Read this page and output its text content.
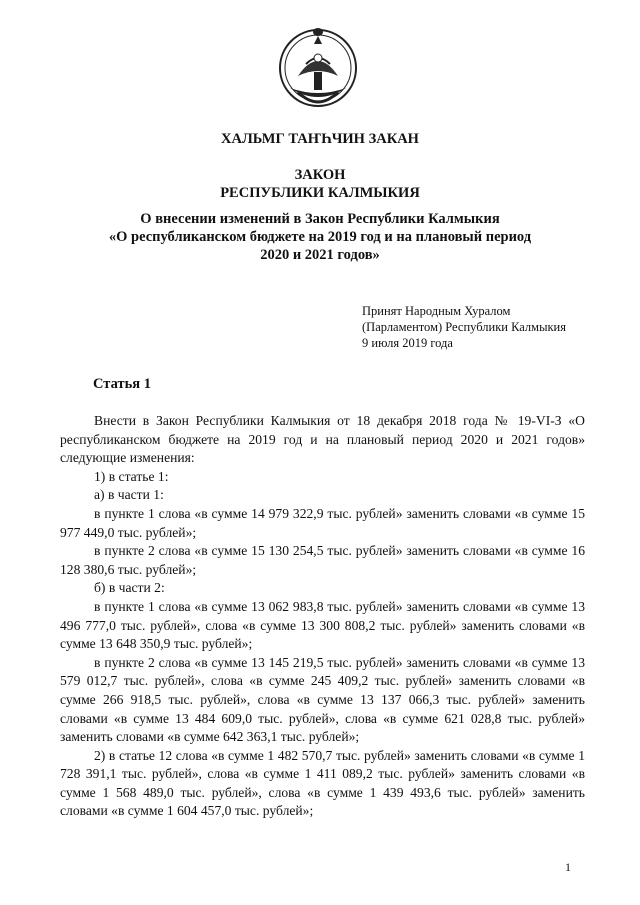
ХАЛЬМГ ТАҤҺЧИН ЗАКАН
ЗАКОН
РЕСПУБЛИКИ КАЛМЫКИЯ
О внесении изменений в Закон Республики Калмыкия
«О республиканском бюджете на 2019 год и на плановый период
2020 и 2021 годов»
Принят Народным Хуралом
(Парламентом) Республики Калмыкия
9 июля 2019 года
Статья 1

Внести в Закон Республики Калмыкия от 18 декабря 2018 года № 19-VI-З «О республиканском бюджете на 2019 год и на плановый период 2020 и 2021 годов» следующие изменения:

1) в статье 1:

а) в части 1:

в пункте 1 слова «в сумме 14 979 322,9 тыс. рублей» заменить словами «в сумме 15 977 449,0 тыс. рублей»;

в пункте 2 слова «в сумме 15 130 254,5 тыс. рублей» заменить словами «в сумме 16 128 380,6 тыс. рублей»;

б) в части 2:

в пункте 1 слова «в сумме 13 062 983,8 тыс. рублей» заменить словами «в сумме 13 496 777,0 тыс. рублей», слова «в сумме 13 300 808,2 тыс. рублей» заменить словами «в сумме 13 648 350,9 тыс. рублей»;

в пункте 2 слова «в сумме 13 145 219,5 тыс. рублей» заменить словами «в сумме 13 579 012,7 тыс. рублей», слова «в сумме 245 409,2 тыс. рублей» заменить словами «в сумме 266 918,5 тыс. рублей», слова «в сумме 13 137 066,3 тыс. рублей» заменить словами «в сумме 13 484 609,0 тыс. рублей», слова «в сумме 621 028,8 тыс. рублей» заменить словами «в сумме 642 363,1 тыс. рублей»;

2) в статье 12 слова «в сумме 1 482 570,7 тыс. рублей» заменить словами «в сумме 1 728 391,1 тыс. рублей», слова «в сумме 1 411 089,2 тыс. рублей» заменить словами «в сумме 1 568 489,0 тыс. рублей», слова «в сумме 1 439 493,6 тыс. рублей» заменить словами «в сумме 1 604 457,0 тыс. рублей»;

1
